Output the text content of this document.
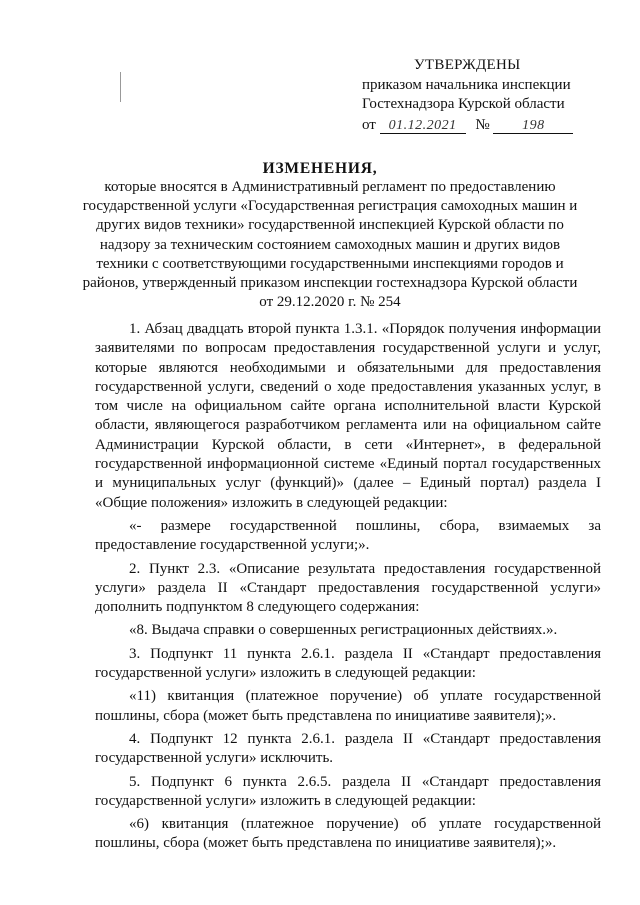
УТВЕРЖДЕНЫ
приказом начальника инспекции
Гостехнадзора Курской области
от 01.12.2021 № 198
ИЗМЕНЕНИЯ,
которые вносятся в Административный регламент по предоставлению государственной услуги «Государственная регистрация самоходных машин и других видов техники» государственной инспекцией Курской области по надзору за техническим состоянием самоходных машин и других видов техники с соответствующими государственными инспекциями городов и районов, утвержденный приказом инспекции гостехнадзора Курской области от 29.12.2020 г. № 254

1. Абзац двадцать второй пункта 1.3.1. «Порядок получения информации заявителями по вопросам предоставления государственной услуги и услуг, которые являются необходимыми и обязательными для предоставления государственной услуги, сведений о ходе предоставления указанных услуг, в том числе на официальном сайте органа исполнительной власти Курской области, являющегося разработчиком регламента или на официальном сайте Администрации Курской области, в сети «Интернет», в федеральной государственной информационной системе «Единый портал государственных и муниципальных услуг (функций)» (далее – Единый портал) раздела I «Общие положения» изложить в следующей редакции:

«- размере государственной пошлины, сбора, взимаемых за предоставление государственной услуги;».

2. Пункт 2.3. «Описание результата предоставления государственной услуги» раздела II «Стандарт предоставления государственной услуги» дополнить подпунктом 8 следующего содержания:

«8. Выдача справки о совершенных регистрационных действиях.».

3. Подпункт 11 пункта 2.6.1. раздела II «Стандарт предоставления государственной услуги» изложить в следующей редакции:

«11) квитанция (платежное поручение) об уплате государственной пошлины, сбора (может быть представлена по инициативе заявителя);».

4. Подпункт 12 пункта 2.6.1. раздела II «Стандарт предоставления государственной услуги» исключить.

5. Подпункт 6 пункта 2.6.5. раздела II «Стандарт предоставления государственной услуги» изложить в следующей редакции:

«6) квитанция (платежное поручение) об уплате государственной пошлины, сбора (может быть представлена по инициативе заявителя);».
